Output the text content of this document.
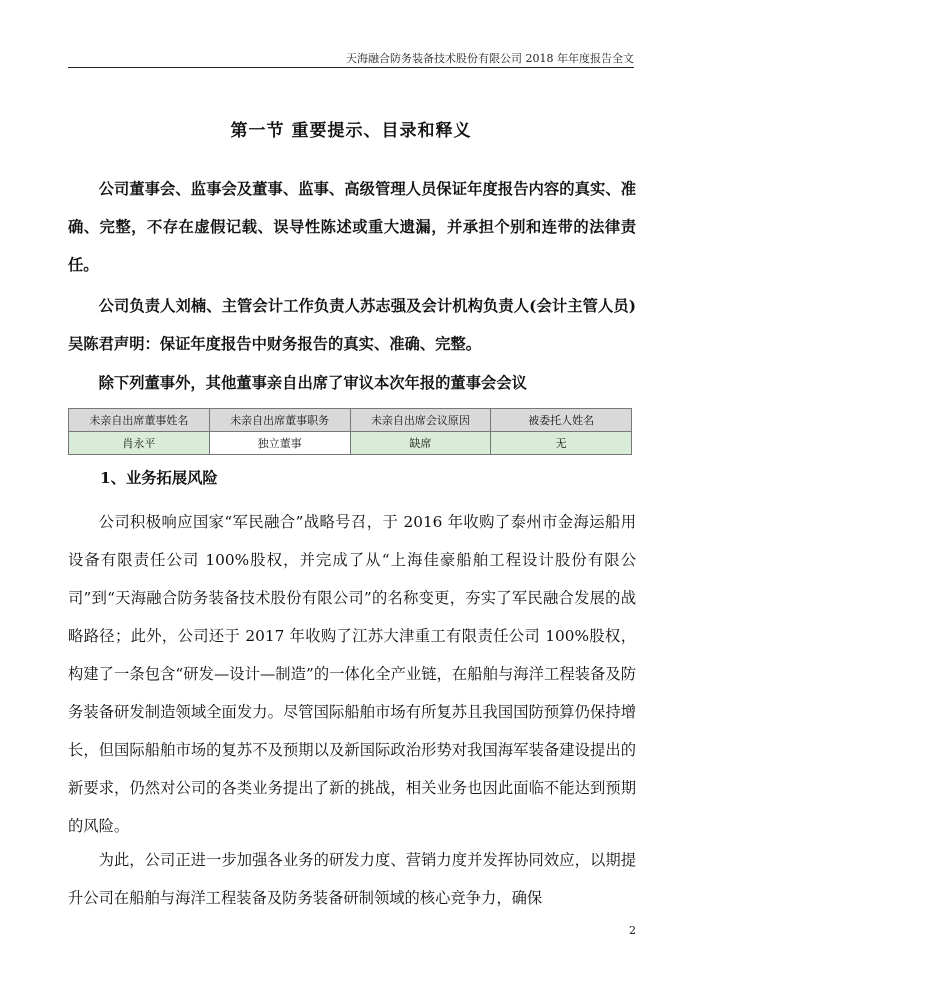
天海融合防务装备技术股份有限公司 2018 年年度报告全文
第一节 重要提示、目录和释义

公司董事会、监事会及董事、监事、高级管理人员保证年度报告内容的真实、准确、完整，不存在虚假记载、误导性陈述或重大遗漏，并承担个别和连带的法律责任。

公司负责人刘楠、主管会计工作负责人苏志强及会计机构负责人(会计主管人员)吴陈君声明：保证年度报告中财务报告的真实、准确、完整。

除下列董事外，其他董事亲自出席了审议本次年报的董事会会议

未亲自出席董事姓名	未亲自出席董事职务	未亲自出席会议原因	被委托人姓名
肖永平	独立董事	缺席	无
1、业务拓展风险

公司积极响应国家“军民融合”战略号召，于 2016 年收购了泰州市金海运船用设备有限责任公司 100%股权，并完成了从“上海佳豪船舶工程设计股份有限公司”到“天海融合防务装备技术股份有限公司”的名称变更，夯实了军民融合发展的战略路径；此外，公司还于 2017 年收购了江苏大津重工有限责任公司 100%股权，构建了一条包含“研发—设计—制造”的一体化全产业链，在船舶与海洋工程装备及防务装备研发制造领域全面发力。尽管国际船舶市场有所复苏且我国国防预算仍保持增长，但国际船舶市场的复苏不及预期以及新国际政治形势对我国海军装备建设提出的新要求，仍然对公司的各类业务提出了新的挑战，相关业务也因此面临不能达到预期的风险。

为此，公司正进一步加强各业务的研发力度、营销力度并发挥协同效应，以期提升公司在船舶与海洋工程装备及防务装备研制领域的核心竞争力，确保

2
